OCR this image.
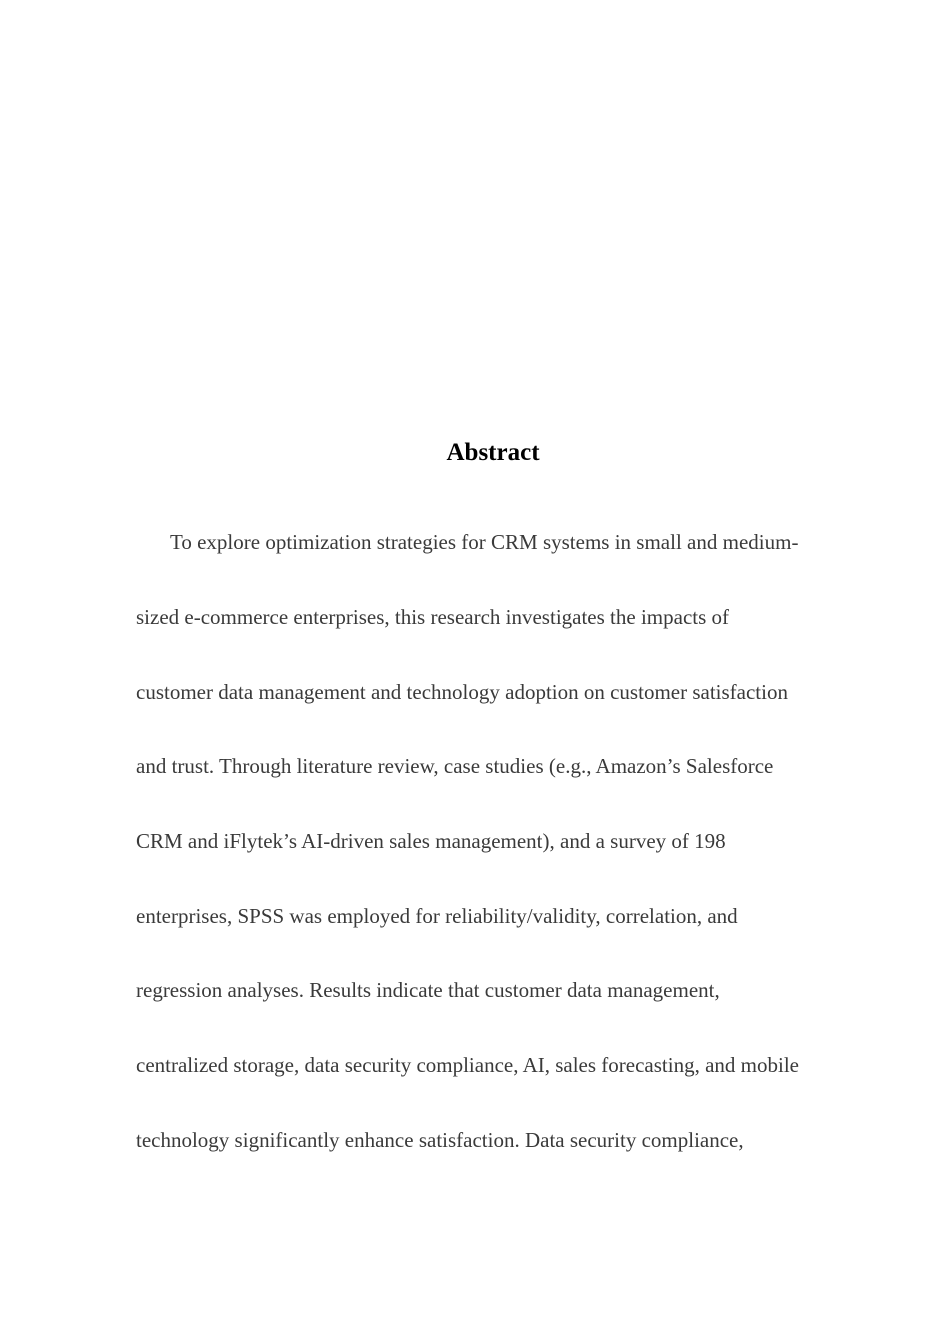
Abstract
To explore optimization strategies for CRM systems in small and medium-
sized e-commerce enterprises, this research investigates the impacts of
customer data management and technology adoption on customer satisfaction
and trust. Through literature review, case studies (e.g., Amazon’s Salesforce
CRM and iFlytek’s AI-driven sales management), and a survey of 198
enterprises, SPSS was employed for reliability/validity, correlation, and
regression analyses. Results indicate that customer data management,
centralized storage, data security compliance, AI, sales forecasting, and mobile
technology significantly enhance satisfaction. Data security compliance,
